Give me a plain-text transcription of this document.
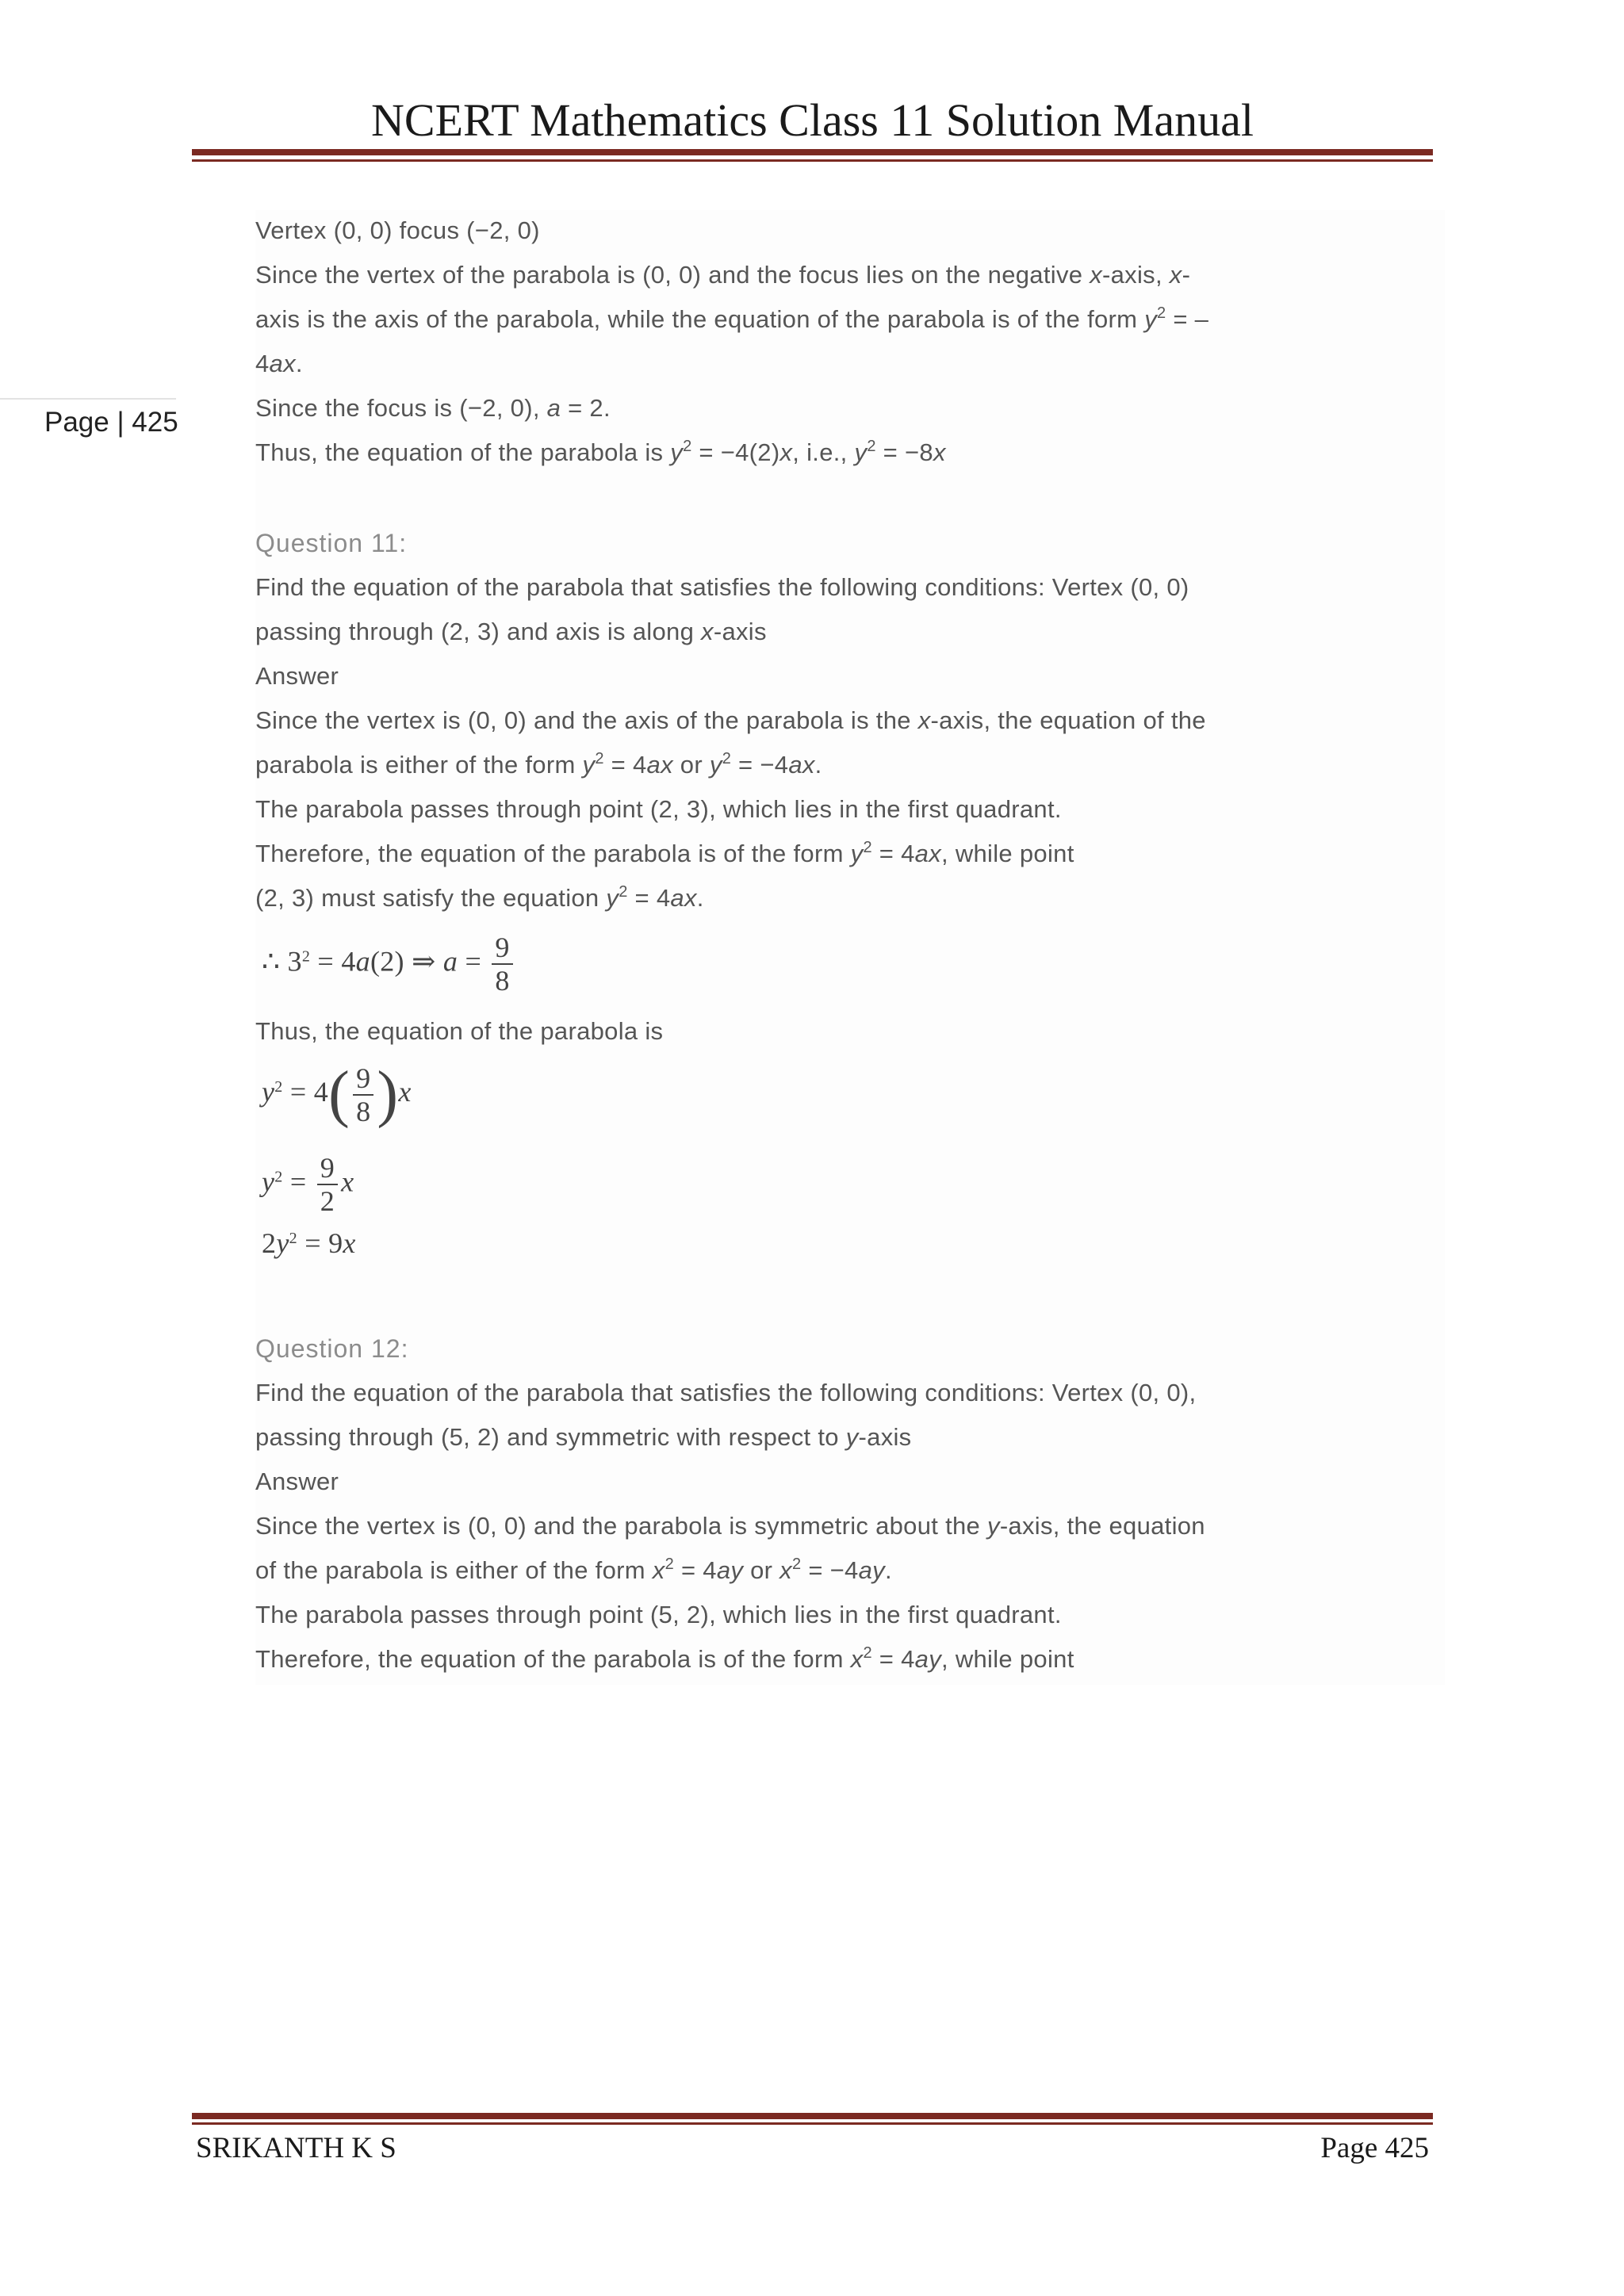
NCERT Mathematics Class 11 Solution Manual
Page | 425
Vertex (0, 0) focus (−2, 0)
Since the vertex of the parabola is (0, 0) and the focus lies on the negative x-axis, x-
axis is the axis of the parabola, while the equation of the parabola is of the form $y^2$ = –
4ax.
Since the focus is (−2, 0), a = 2.
Thus, the equation of the parabola is $y^2 = -4(2)x$, i.e., $y^2 = -8x$
Question 11:
Find the equation of the parabola that satisfies the following conditions: Vertex (0, 0)
passing through (2, 3) and axis is along x-axis
Answer
Since the vertex is (0, 0) and the axis of the parabola is the x-axis, the equation of the
parabola is either of the form $y^2 = 4ax$ or $y^2 = -4ax$.
The parabola passes through point (2, 3), which lies in the first quadrant.
Therefore, the equation of the parabola is of the form $y^2 = 4ax$, while point
(2, 3) must satisfy the equation $y^2 = 4ax$.
∴ $3^2 = 4a(2)$ ⇒ $a = \frac{9}{8}$
Thus, the equation of the parabola is
$y^2 = 4( \frac{9}{8} )x$
$y^2 = \frac{9}{2}$ x
$2y^2 = 9x$
Question 12:
Find the equation of the parabola that satisfies the following conditions: Vertex (0, 0),
passing through (5, 2) and symmetric with respect to y-axis
Answer
Since the vertex is (0, 0) and the parabola is symmetric about the y-axis, the equation
of the parabola is either of the form $x^2 = 4ay$ or $x^2 = -4ay$.
The parabola passes through point (5, 2), which lies in the first quadrant.
Therefore, the equation of the parabola is of the form $x^2 = 4ay$, while point
SRIKANTH K S	Page 425
